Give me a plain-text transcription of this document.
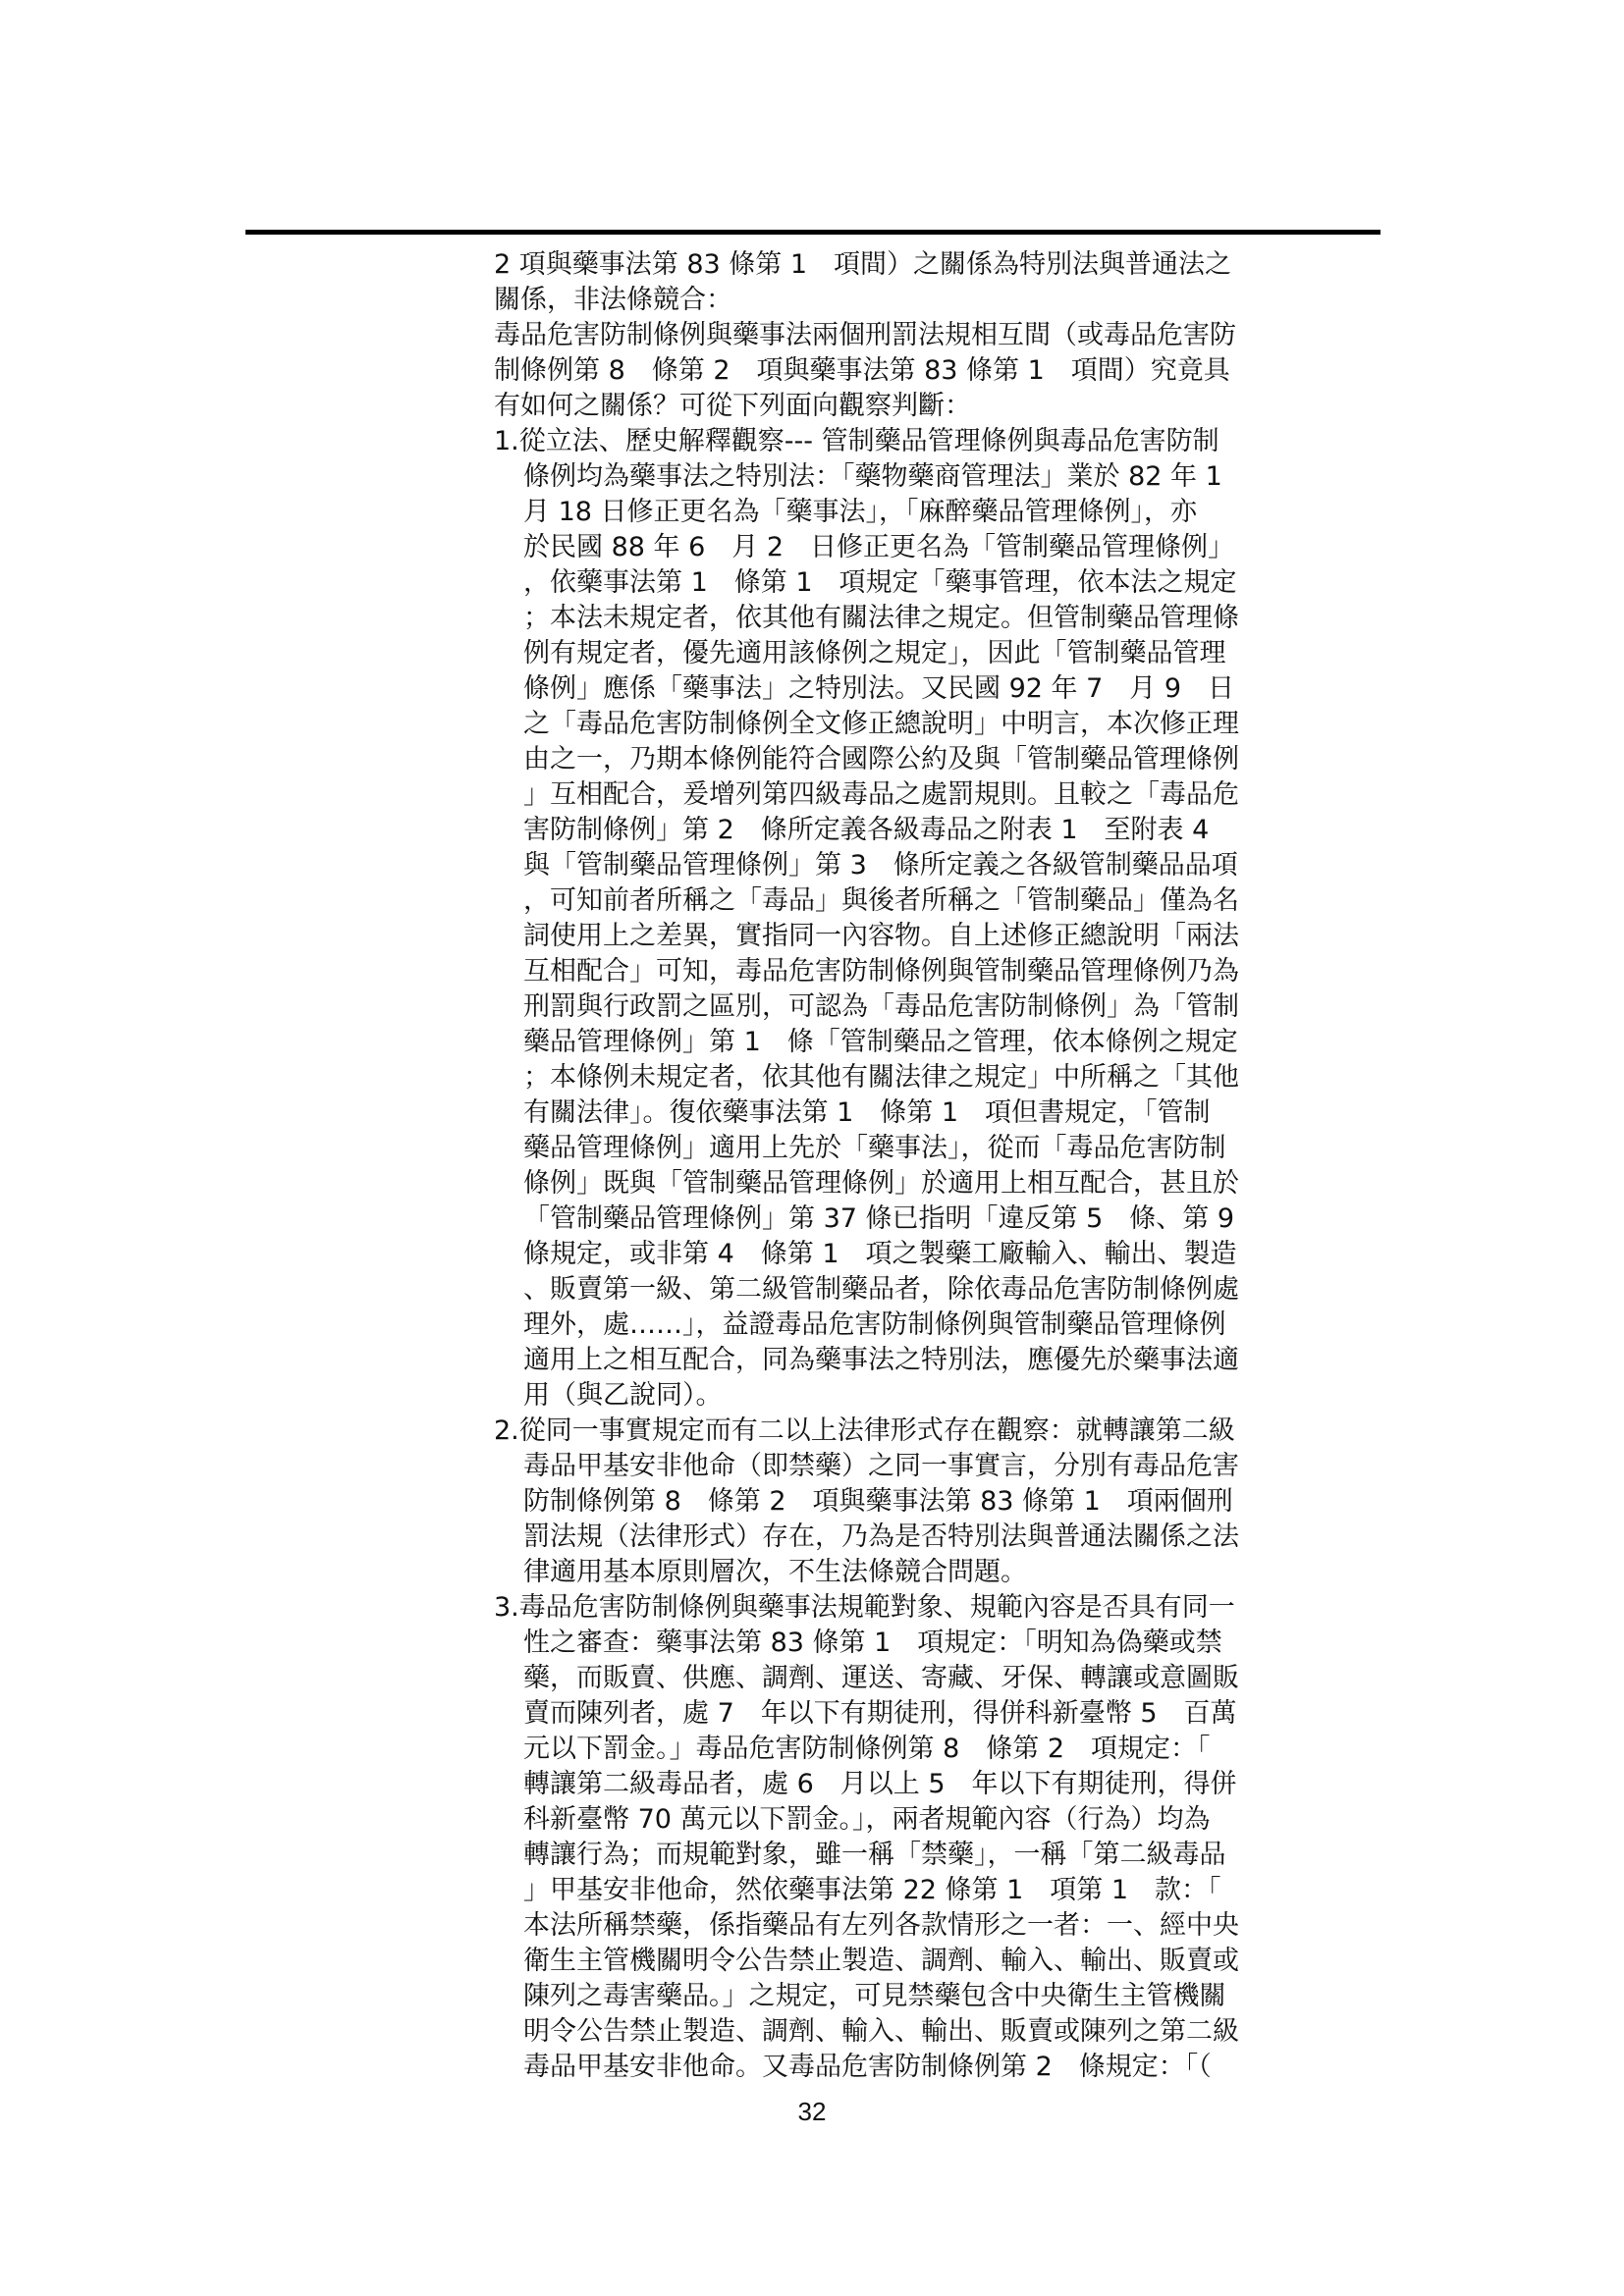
2 項與藥事法第 83 條第 1　項間）之關係為特別法與普通法之
關係，非法條競合：
毒品危害防制條例與藥事法兩個刑罰法規相互間（或毒品危害防
制條例第 8　條第 2　項與藥事法第 83 條第 1　項間）究竟具
有如何之關係？可從下列面向觀察判斷：
1.從立法、歷史解釋觀察--- 管制藥品管理條例與毒品危害防制
條例均為藥事法之特別法：「藥物藥商管理法」業於 82 年 1
月 18 日修正更名為「藥事法」，「麻醉藥品管理條例」，亦
於民國 88 年 6　月 2　日修正更名為「管制藥品管理條例」
，依藥事法第 1　條第 1　項規定「藥事管理，依本法之規定
；本法未規定者，依其他有關法律之規定。但管制藥品管理條
例有規定者，優先適用該條例之規定」，因此「管制藥品管理
條例」應係「藥事法」之特別法。又民國 92 年 7　月 9　日
之「毒品危害防制條例全文修正總說明」中明言，本次修正理
由之一，乃期本條例能符合國際公約及與「管制藥品管理條例
」互相配合，爰增列第四級毒品之處罰規則。且較之「毒品危
害防制條例」第 2　條所定義各級毒品之附表 1　至附表 4
與「管制藥品管理條例」第 3　條所定義之各級管制藥品品項
，可知前者所稱之「毒品」與後者所稱之「管制藥品」僅為名
詞使用上之差異，實指同一內容物。自上述修正總說明「兩法
互相配合」可知，毒品危害防制條例與管制藥品管理條例乃為
刑罰與行政罰之區別，可認為「毒品危害防制條例」為「管制
藥品管理條例」第 1　條「管制藥品之管理，依本條例之規定
；本條例未規定者，依其他有關法律之規定」中所稱之「其他
有關法律」。復依藥事法第 1　條第 1　項但書規定，「管制
藥品管理條例」適用上先於「藥事法」，從而「毒品危害防制
條例」既與「管制藥品管理條例」於適用上相互配合，甚且於
「管制藥品管理條例」第 37 條已指明「違反第 5　條、第 9
條規定，或非第 4　條第 1　項之製藥工廠輸入、輸出、製造
、販賣第一級、第二級管制藥品者，除依毒品危害防制條例處
理外，處……」，益證毒品危害防制條例與管制藥品管理條例
適用上之相互配合，同為藥事法之特別法，應優先於藥事法適
用（與乙說同）。
2.從同一事實規定而有二以上法律形式存在觀察：就轉讓第二級
毒品甲基安非他命（即禁藥）之同一事實言，分別有毒品危害
防制條例第 8　條第 2　項與藥事法第 83 條第 1　項兩個刑
罰法規（法律形式）存在，乃為是否特別法與普通法關係之法
律適用基本原則層次，不生法條競合問題。
3.毒品危害防制條例與藥事法規範對象、規範內容是否具有同一
性之審查：藥事法第 83 條第 1　項規定：「明知為偽藥或禁
藥，而販賣、供應、調劑、運送、寄藏、牙保、轉讓或意圖販
賣而陳列者，處 7　年以下有期徒刑，得併科新臺幣 5　百萬
元以下罰金。」毒品危害防制條例第 8　條第 2　項規定：「
轉讓第二級毒品者，處 6　月以上 5　年以下有期徒刑，得併
科新臺幣 70 萬元以下罰金。」，兩者規範內容（行為）均為
轉讓行為；而規範對象，雖一稱「禁藥」，一稱「第二級毒品
」甲基安非他命，然依藥事法第 22 條第 1　項第 1　款：「
本法所稱禁藥，係指藥品有左列各款情形之一者：一、經中央
衛生主管機關明令公告禁止製造、調劑、輸入、輸出、販賣或
陳列之毒害藥品。」之規定，可見禁藥包含中央衛生主管機關
明令公告禁止製造、調劑、輸入、輸出、販賣或陳列之第二級
毒品甲基安非他命。又毒品危害防制條例第 2　條規定：「（
32
